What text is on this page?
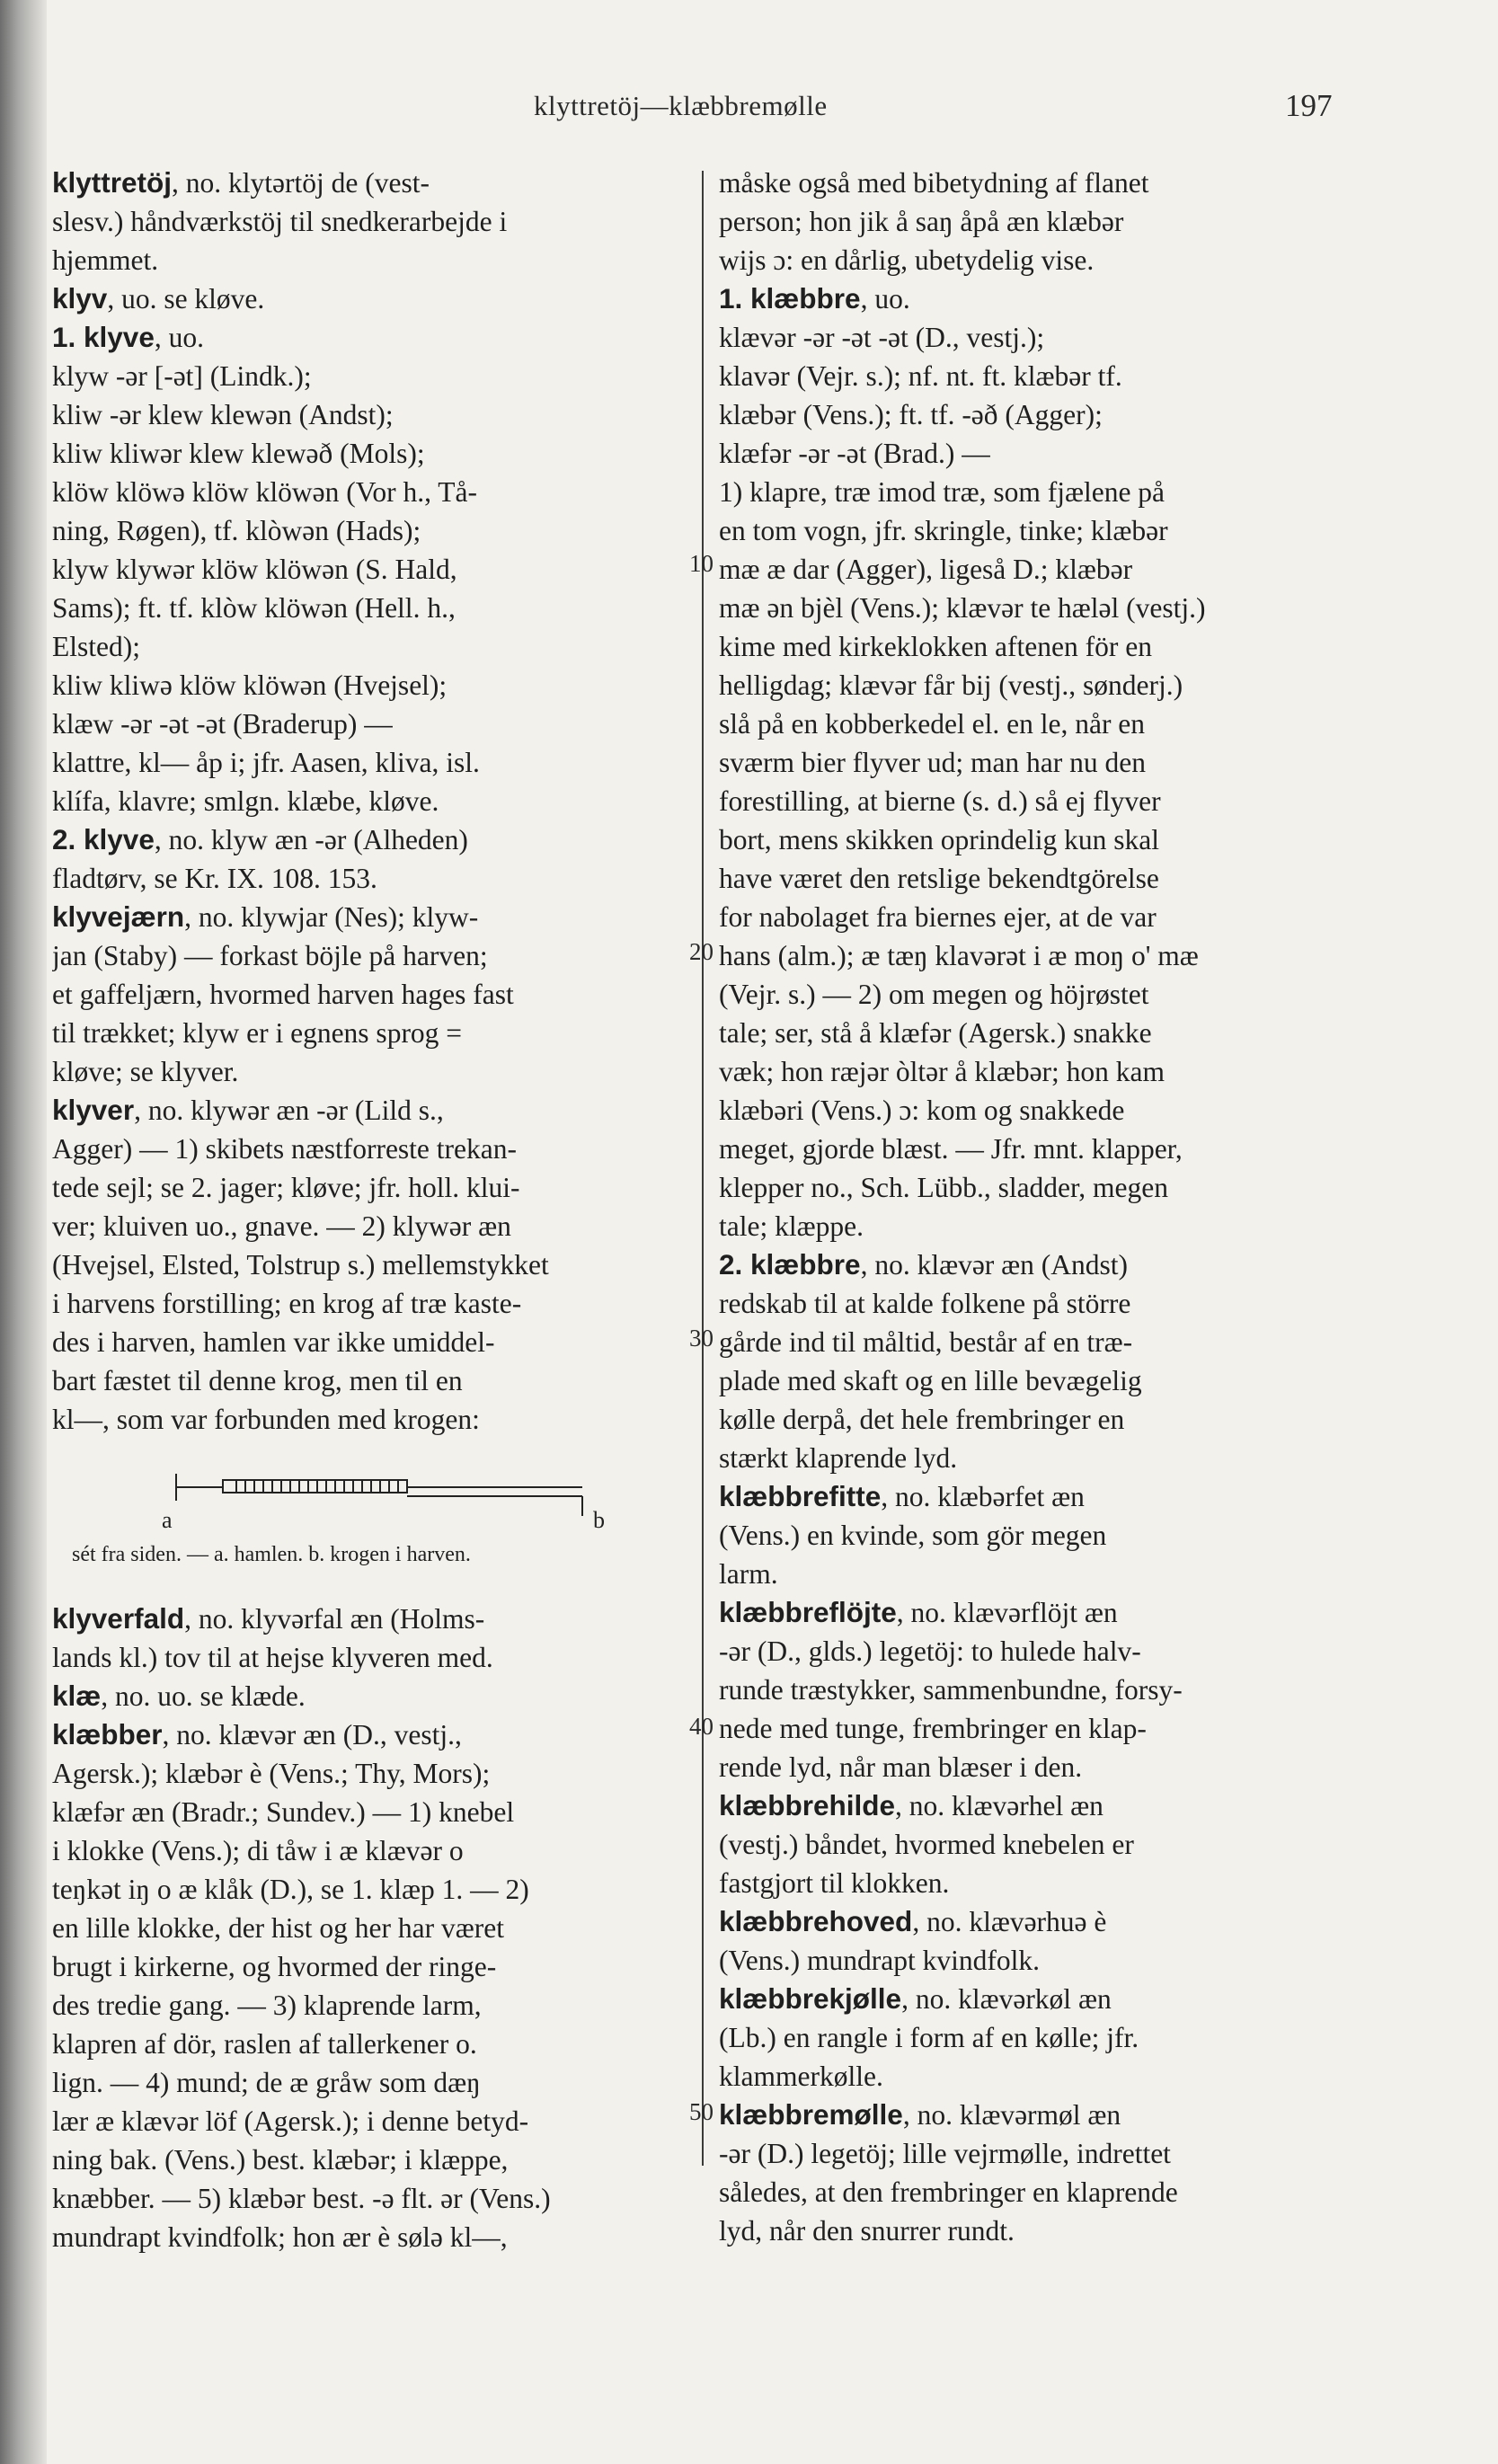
klyttretöj—klæbbremølle	197
klyttretöj, no. klytərtöj de (vest-
slesv.) håndværkstöj til snedkerarbejde i
hjemmet.
klyv, uo. se kløve.
1. klyve, uo.
klyw -ər [-ət] (Lindk.);
kliw -ər klew klewən (Andst);
kliw kliwər klew klewəð (Mols);
klöw klöwə klöw klöwən (Vor h., Tå-
ning, Røgen), tf. klòwən (Hads);
klyw klywər klöw klöwən (S. Hald,
Sams); ft. tf. klòw klöwən (Hell. h.,
Elsted);
kliw kliwə klöw klöwən (Hvejsel);
klæw -ər -ət -ət (Braderup) —
klattre, kl— åp i; jfr. Aasen, kliva, isl.
klífa, klavre; smlgn. klæbe, kløve.
2. klyve, no. klyw æn -ər (Alheden)
fladtørv, se Kr. IX. 108. 153.
klyvejærn, no. klywjar (Nes); klyw-
jan (Staby) — forkast böjle på harven;
et gaffeljærn, hvormed harven hages fast
til trækket; klyw er i egnens sprog =
kløve; se klyver.
klyver, no. klywər æn -ər (Lild s.,
Agger) — 1) skibets næstforreste trekan-
tede sejl; se 2. jager; kløve; jfr. holl. klui-
ver; kluiven uo., gnave. — 2) klywər æn
(Hvejsel, Elsted, Tolstrup s.) mellemstykket
i harvens forstilling; en krog af træ kaste-
des i harven, hamlen var ikke umiddel-
bart fæstet til denne krog, men til en
kl—, som var forbunden med krogen:
a	b
sét fra siden. — a. hamlen. b. krogen i harven.
klyverfald, no. klyvərfal æn (Holms-
lands kl.) tov til at hejse klyveren med.
klæ, no. uo. se klæde.
klæbber, no. klævər æn (D., vestj.,
Agersk.); klæbər è (Vens.; Thy, Mors);
klæfər æn (Bradr.; Sundev.) — 1) knebel
i klokke (Vens.); di tåw i æ klævər o
teŋkət iŋ o æ klåk (D.), se 1. klæp 1. — 2)
en lille klokke, der hist og her har været
brugt i kirkerne, og hvormed der ringe-
des tredie gang. — 3) klaprende larm,
klapren af dör, raslen af tallerkener o.
lign. — 4) mund; de æ gråw som dæŋ
lær æ klævər löf (Agersk.); i denne betyd-
ning bak. (Vens.) best. klæbər; i klæppe,
knæbber. — 5) klæbər best. -ə flt. ər (Vens.)
mundrapt kvindfolk; hon ær è sølə kl—,
måske også med bibetydning af flanet
person; hon jik å saŋ åpå æn klæbər
wijs ɔ: en dårlig, ubetydelig vise.
1. klæbbre, uo.
klævər -ər -ət -ət (D., vestj.);
klavər (Vejr. s.); nf. nt. ft. klæbər tf.
klæbər (Vens.); ft. tf. -əð (Agger);
klæfər -ər -ət (Brad.) —
1) klapre, træ imod træ, som fjælene på
en tom vogn, jfr. skringle, tinke; klæbər
mæ æ dar (Agger), ligeså D.; klæbər
mæ ən bjèl (Vens.); klævər te hæləl (vestj.)
kime med kirkeklokken aftenen för en
helligdag; klævər får bij (vestj., sønderj.)
slå på en kobberkedel el. en le, når en
sværm bier flyver ud; man har nu den
forestilling, at bierne (s. d.) så ej flyver
bort, mens skikken oprindelig kun skal
have været den retslige bekendtgörelse
for nabolaget fra biernes ejer, at de var
hans (alm.); æ tæŋ klavərət i æ moŋ o' mæ
(Vejr. s.) — 2) om megen og höjrøstet
tale; ser, stå å klæfər (Agersk.) snakke
væk; hon ræjər òltər å klæbər; hon kam
klæbəri (Vens.) ɔ: kom og snakkede
meget, gjorde blæst. — Jfr. mnt. klapper,
klepper no., Sch. Lübb., sladder, megen
tale; klæppe.
2. klæbbre, no. klævər æn (Andst)
redskab til at kalde folkene på större
gårde ind til måltid, består af en træ-
plade med skaft og en lille bevægelig
kølle derpå, det hele frembringer en
stærkt klaprende lyd.
klæbbrefitte, no. klæbərfet æn
(Vens.) en kvinde, som gör megen
larm.
klæbbreflöjte, no. klævərflöjt æn
-ər (D., glds.) legetöj: to hulede halv-
runde træstykker, sammenbundne, forsy-
nede med tunge, frembringer en klap-
rende lyd, når man blæser i den.
klæbbrehilde, no. klævərhel æn
(vestj.) båndet, hvormed knebelen er
fastgjort til klokken.
klæbbrehoved, no. klævərhuə è
(Vens.) mundrapt kvindfolk.
klæbbrekjølle, no. klævərkøl æn
(Lb.) en rangle i form af en kølle; jfr.
klammerkølle.
klæbbremølle, no. klævərmøl æn
-ər (D.) legetöj; lille vejrmølle, indrettet
således, at den frembringer en klaprende
lyd, når den snurrer rundt.
10
20
30
40
50
